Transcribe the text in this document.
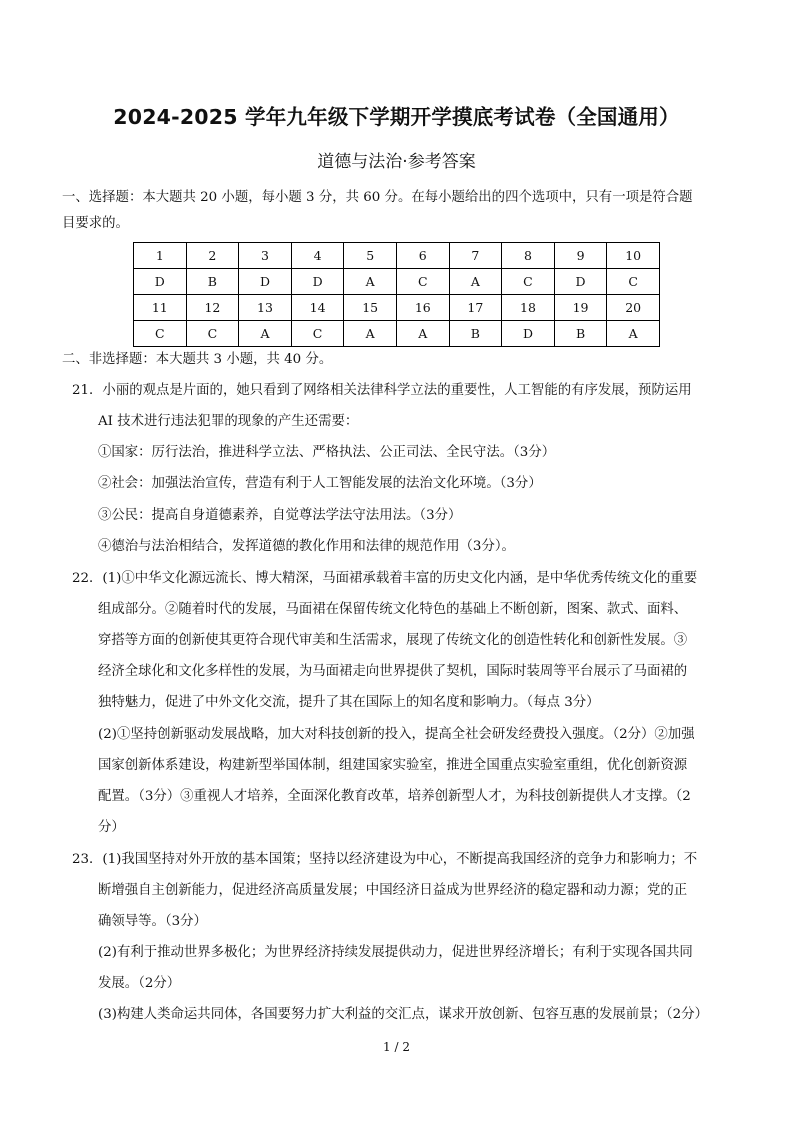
2024-2025 学年九年级下学期开学摸底考试卷（全国通用）
道德与法治·参考答案
一、选择题：本大题共 20 小题，每小题 3 分，共 60 分。在每小题给出的四个选项中，只有一项是符合题
目要求的。
1	2	3	4	5	6	7	8	9	10
D	B	D	D	A	C	A	C	D	C
11	12	13	14	15	16	17	18	19	20
C	C	A	C	A	A	B	D	B	A
二、非选择题：本大题共 3 小题，共 40 分。
21．小丽的观点是片面的，她只看到了网络相关法律科学立法的重要性，人工智能的有序发展，预防运用
AI 技术进行违法犯罪的现象的产生还需要：
①国家：厉行法治，推进科学立法、严格执法、公正司法、全民守法。（3分）
②社会：加强法治宣传，营造有利于人工智能发展的法治文化环境。（3分）
③公民：提高自身道德素养，自觉尊法学法守法用法。（3分）
④德治与法治相结合，发挥道德的教化作用和法律的规范作用（3分）。
22．(1)①中华文化源远流长、博大精深，马面裙承载着丰富的历史文化内涵，是中华优秀传统文化的重要
组成部分。②随着时代的发展，马面裙在保留传统文化特色的基础上不断创新，图案、款式、面料、
穿搭等方面的创新使其更符合现代审美和生活需求，展现了传统文化的创造性转化和创新性发展。③
经济全球化和文化多样性的发展，为马面裙走向世界提供了契机，国际时装周等平台展示了马面裙的
独特魅力，促进了中外文化交流，提升了其在国际上的知名度和影响力。（每点 3分）
(2)①坚持创新驱动发展战略，加大对科技创新的投入，提高全社会研发经费投入强度。（2分）②加强
国家创新体系建设，构建新型举国体制，组建国家实验室，推进全国重点实验室重组，优化创新资源
配置。（3分）③重视人才培养，全面深化教育改革，培养创新型人才，为科技创新提供人才支撑。（2
分）
23．(1)我国坚持对外开放的基本国策；坚持以经济建设为中心，不断提高我国经济的竞争力和影响力；不
断增强自主创新能力，促进经济高质量发展；中国经济日益成为世界经济的稳定器和动力源；党的正
确领导等。（3分）
(2)有利于推动世界多极化；为世界经济持续发展提供动力，促进世界经济增长；有利于实现各国共同
发展。（2分）
(3)构建人类命运共同体，各国要努力扩大利益的交汇点，谋求开放创新、包容互惠的发展前景；（2分）
1 / 2
